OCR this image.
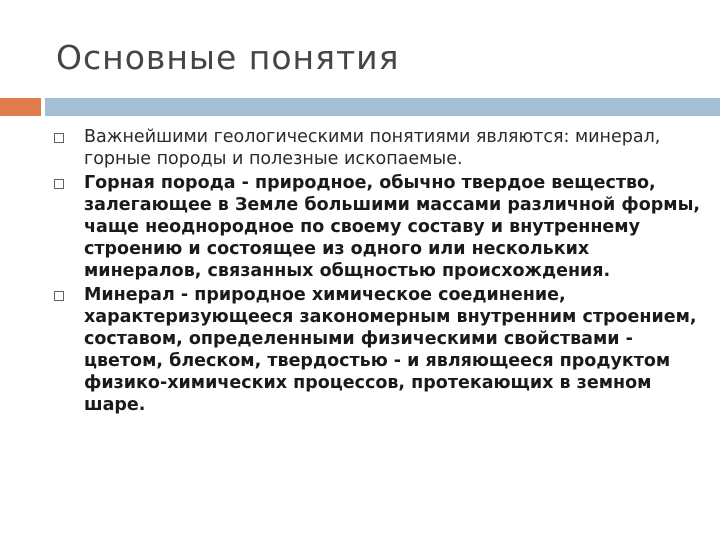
Основные понятия
Важнейшими геологическими понятиями являются: минерал, горные породы и полезные ископаемые.
Горная порода - природное, обычно твердое вещество, залегающее в Земле большими массами различной формы, чаще неоднородное по своему составу и внутреннему строению и состоящее из одного или нескольких минералов, связанных общностью происхождения.
Минерал - природное химическое соединение, характеризующееся закономерным внутренним строением, составом, определенными физическими свойствами - цветом, блеском, твердостью - и являющееся продуктом физико-химических процессов, протекающих в земном шаре.
